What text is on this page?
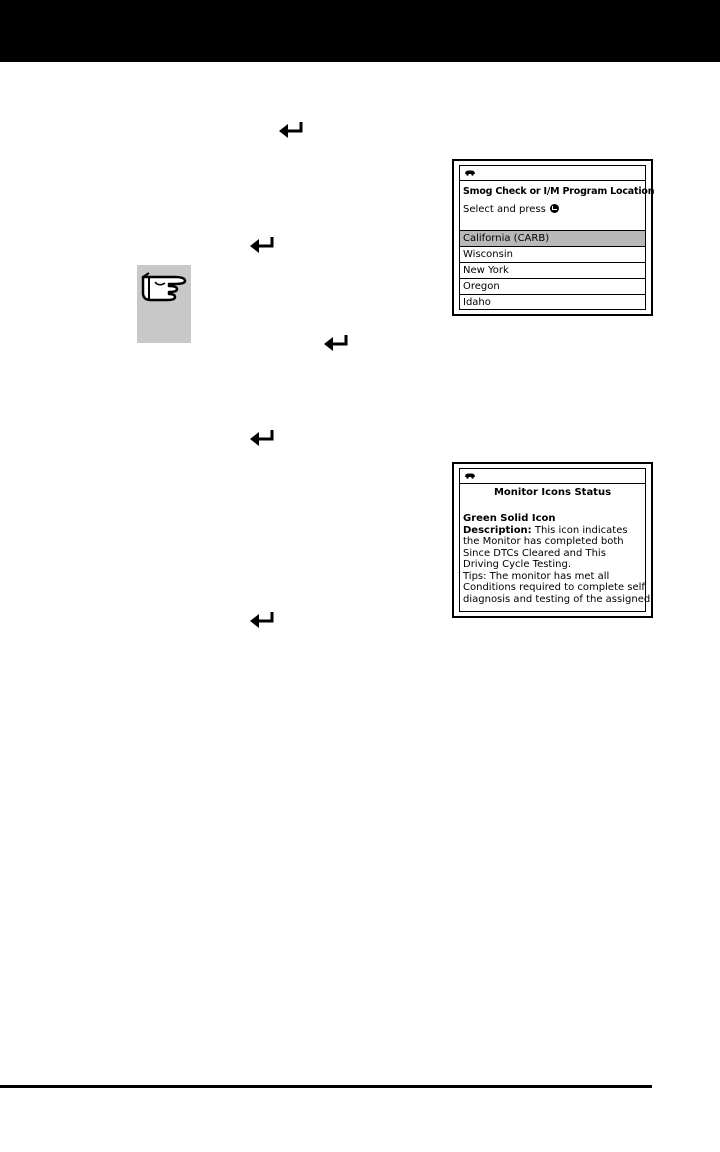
Smog Check or I/M Program Location
Select and press
California (CARB)
Wisconsin
New York
Oregon
Idaho
Monitor Icons Status
Green Solid Icon
Description: This icon indicates
the Monitor has completed both
Since DTCs Cleared and This
Driving Cycle Testing.
Tips: The monitor has met all
Conditions required to complete self
diagnosis and testing of the assigned
